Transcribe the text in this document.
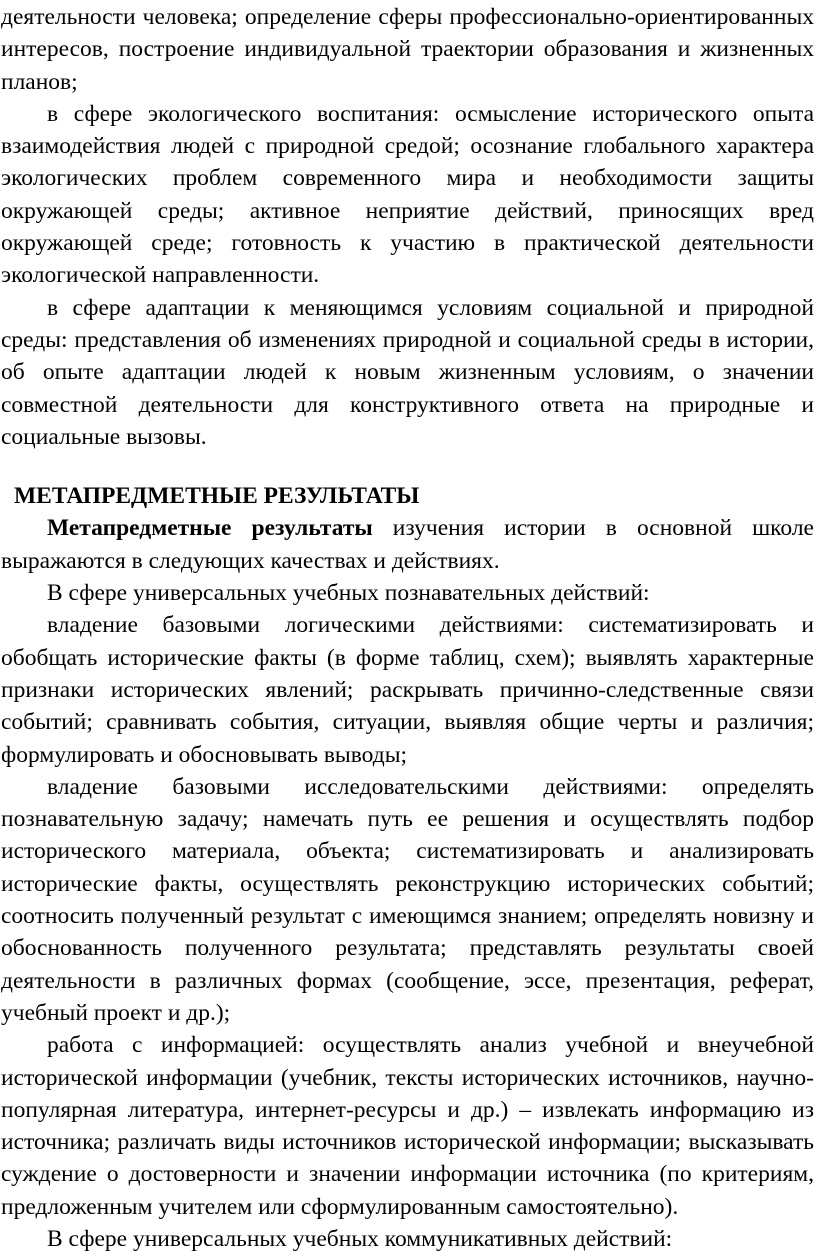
деятельности человека; определение сферы профессионально-ориентированных интересов, построение индивидуальной траектории образования и жизненных планов;

в сфере экологического воспитания: осмысление исторического опыта взаимодействия людей с природной средой; осознание глобального характера экологических проблем современного мира и необходимости защиты окружающей среды; активное неприятие действий, приносящих вред окружающей среде; готовность к участию в практической деятельности экологической направленности.

в сфере адаптации к меняющимся условиям социальной и природной среды: представления об изменениях природной и социальной среды в истории, об опыте адаптации людей к новым жизненным условиям, о значении совместной деятельности для конструктивного ответа на природные и социальные вызовы.

МЕТАПРЕДМЕТНЫЕ РЕЗУЛЬТАТЫ

Метапредметные результаты изучения истории в основной школе выражаются в следующих качествах и действиях.

В сфере универсальных учебных познавательных действий:

владение базовыми логическими действиями: систематизировать и обобщать исторические факты (в форме таблиц, схем); выявлять характерные признаки исторических явлений; раскрывать причинно-следственные связи событий; сравнивать события, ситуации, выявляя общие черты и различия; формулировать и обосновывать выводы;

владение базовыми исследовательскими действиями: определять познавательную задачу; намечать путь ее решения и осуществлять подбор исторического материала, объекта; систематизировать и анализировать исторические факты, осуществлять реконструкцию исторических событий; соотносить полученный результат с имеющимся знанием; определять новизну и обоснованность полученного результата; представлять результаты своей деятельности в различных формах (сообщение, эссе, презентация, реферат, учебный проект и др.);

работа с информацией: осуществлять анализ учебной и внеучебной исторической информации (учебник, тексты исторических источников, научно-популярная литература, интернет-ресурсы и др.) – извлекать информацию из источника; различать виды источников исторической информации; высказывать суждение о достоверности и значении информации источника (по критериям, предложенным учителем или сформулированным самостоятельно).

В сфере универсальных учебных коммуникативных действий:
